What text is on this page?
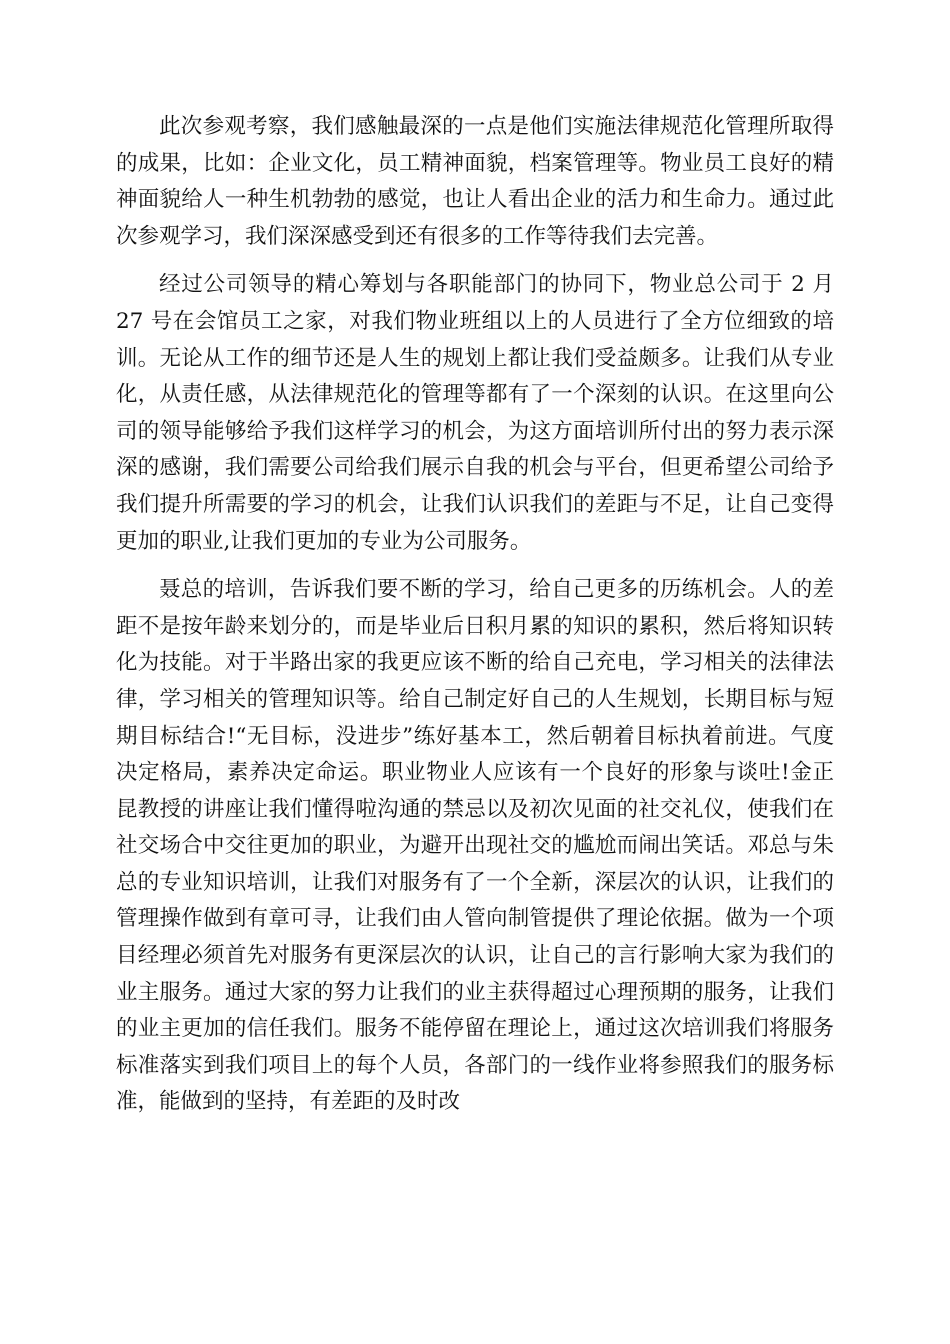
此次参观考察，我们感触最深的一点是他们实施法律规范化管理所取得的成果，比如：企业文化，员工精神面貌，档案管理等。物业员工良好的精神面貌给人一种生机勃勃的感觉，也让人看出企业的活力和生命力。通过此次参观学习，我们深深感受到还有很多的工作等待我们去完善。

经过公司领导的精心筹划与各职能部门的协同下，物业总公司于 2 月 27 号在会馆员工之家，对我们物业班组以上的人员进行了全方位细致的培训。无论从工作的细节还是人生的规划上都让我们受益颇多。让我们从专业化，从责任感，从法律规范化的管理等都有了一个深刻的认识。在这里向公司的领导能够给予我们这样学习的机会，为这方面培训所付出的努力表示深深的感谢，我们需要公司给我们展示自我的机会与平台，但更希望公司给予我们提升所需要的学习的机会，让我们认识我们的差距与不足，让自己变得更加的职业,让我们更加的专业为公司服务。

聂总的培训，告诉我们要不断的学习，给自己更多的历练机会。人的差距不是按年龄来划分的，而是毕业后日积月累的知识的累积，然后将知识转化为技能。对于半路出家的我更应该不断的给自己充电，学习相关的法律法律，学习相关的管理知识等。给自己制定好自己的人生规划，长期目标与短期目标结合!“无目标，没进步”练好基本工，然后朝着目标执着前进。气度决定格局，素养决定命运。职业物业人应该有一个良好的形象与谈吐!金正昆教授的讲座让我们懂得啦沟通的禁忌以及初次见面的社交礼仪，使我们在社交场合中交往更加的职业，为避开出现社交的尴尬而闹出笑话。邓总与朱总的专业知识培训，让我们对服务有了一个全新，深层次的认识，让我们的管理操作做到有章可寻，让我们由人管向制管提供了理论依据。做为一个项目经理必须首先对服务有更深层次的认识，让自己的言行影响大家为我们的业主服务。通过大家的努力让我们的业主获得超过心理预期的服务，让我们的业主更加的信任我们。服务不能停留在理论上，通过这次培训我们将服务标准落实到我们项目上的每个人员，各部门的一线作业将参照我们的服务标准，能做到的坚持，有差距的及时改
